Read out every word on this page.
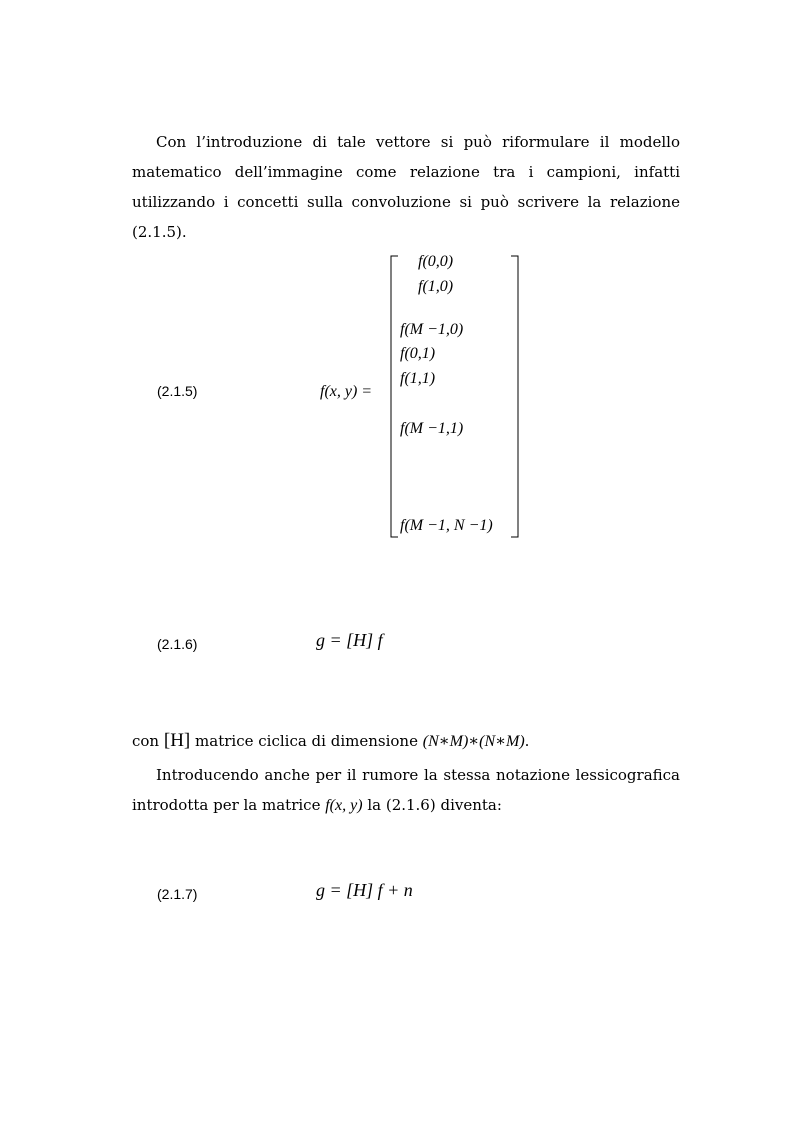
Con l’introduzione di tale vettore si può riformulare il modello matematico dell’immagine come relazione tra i campioni, infatti utilizzando i concetti sulla convoluzione si può scrivere la relazione (2.1.5).
(2.1.5)	f(x, y) =
f(0,0)
f(1,0)
f(M −1,0)
f(0,1)
f(1,1)
f(M −1,1)
f(M −1, N −1)
(2.1.6)	g = [H] f
con [H] matrice ciclica di dimensione (N∗M)∗(N∗M).
Introducendo anche per il rumore la stessa notazione lessicografica introdotta per la matrice f(x, y) la (2.1.6) diventa:
(2.1.7)	g = [H] f + n
